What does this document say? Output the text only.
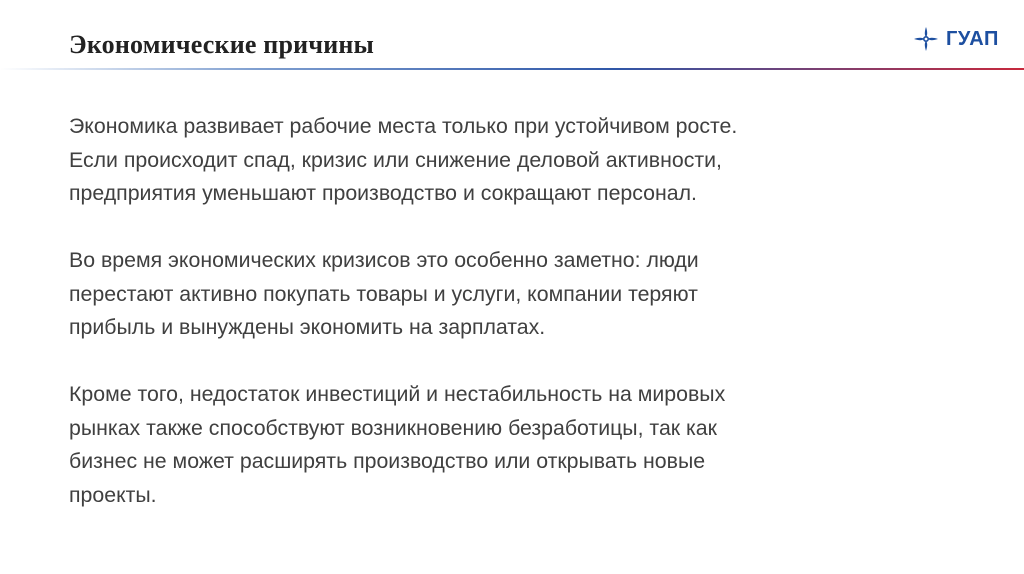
Экономические причины	ГУАП

Экономика развивает рабочие места только при устойчивом росте.
Если происходит спад, кризис или снижение деловой активности,
предприятия уменьшают производство и сокращают персонал.

Во время экономических кризисов это особенно заметно: люди
перестают активно покупать товары и услуги, компании теряют
прибыль и вынуждены экономить на зарплатах.

Кроме того, недостаток инвестиций и нестабильность на мировых
рынках также способствуют возникновению безработицы, так как
бизнес не может расширять производство или открывать новые
проекты.
